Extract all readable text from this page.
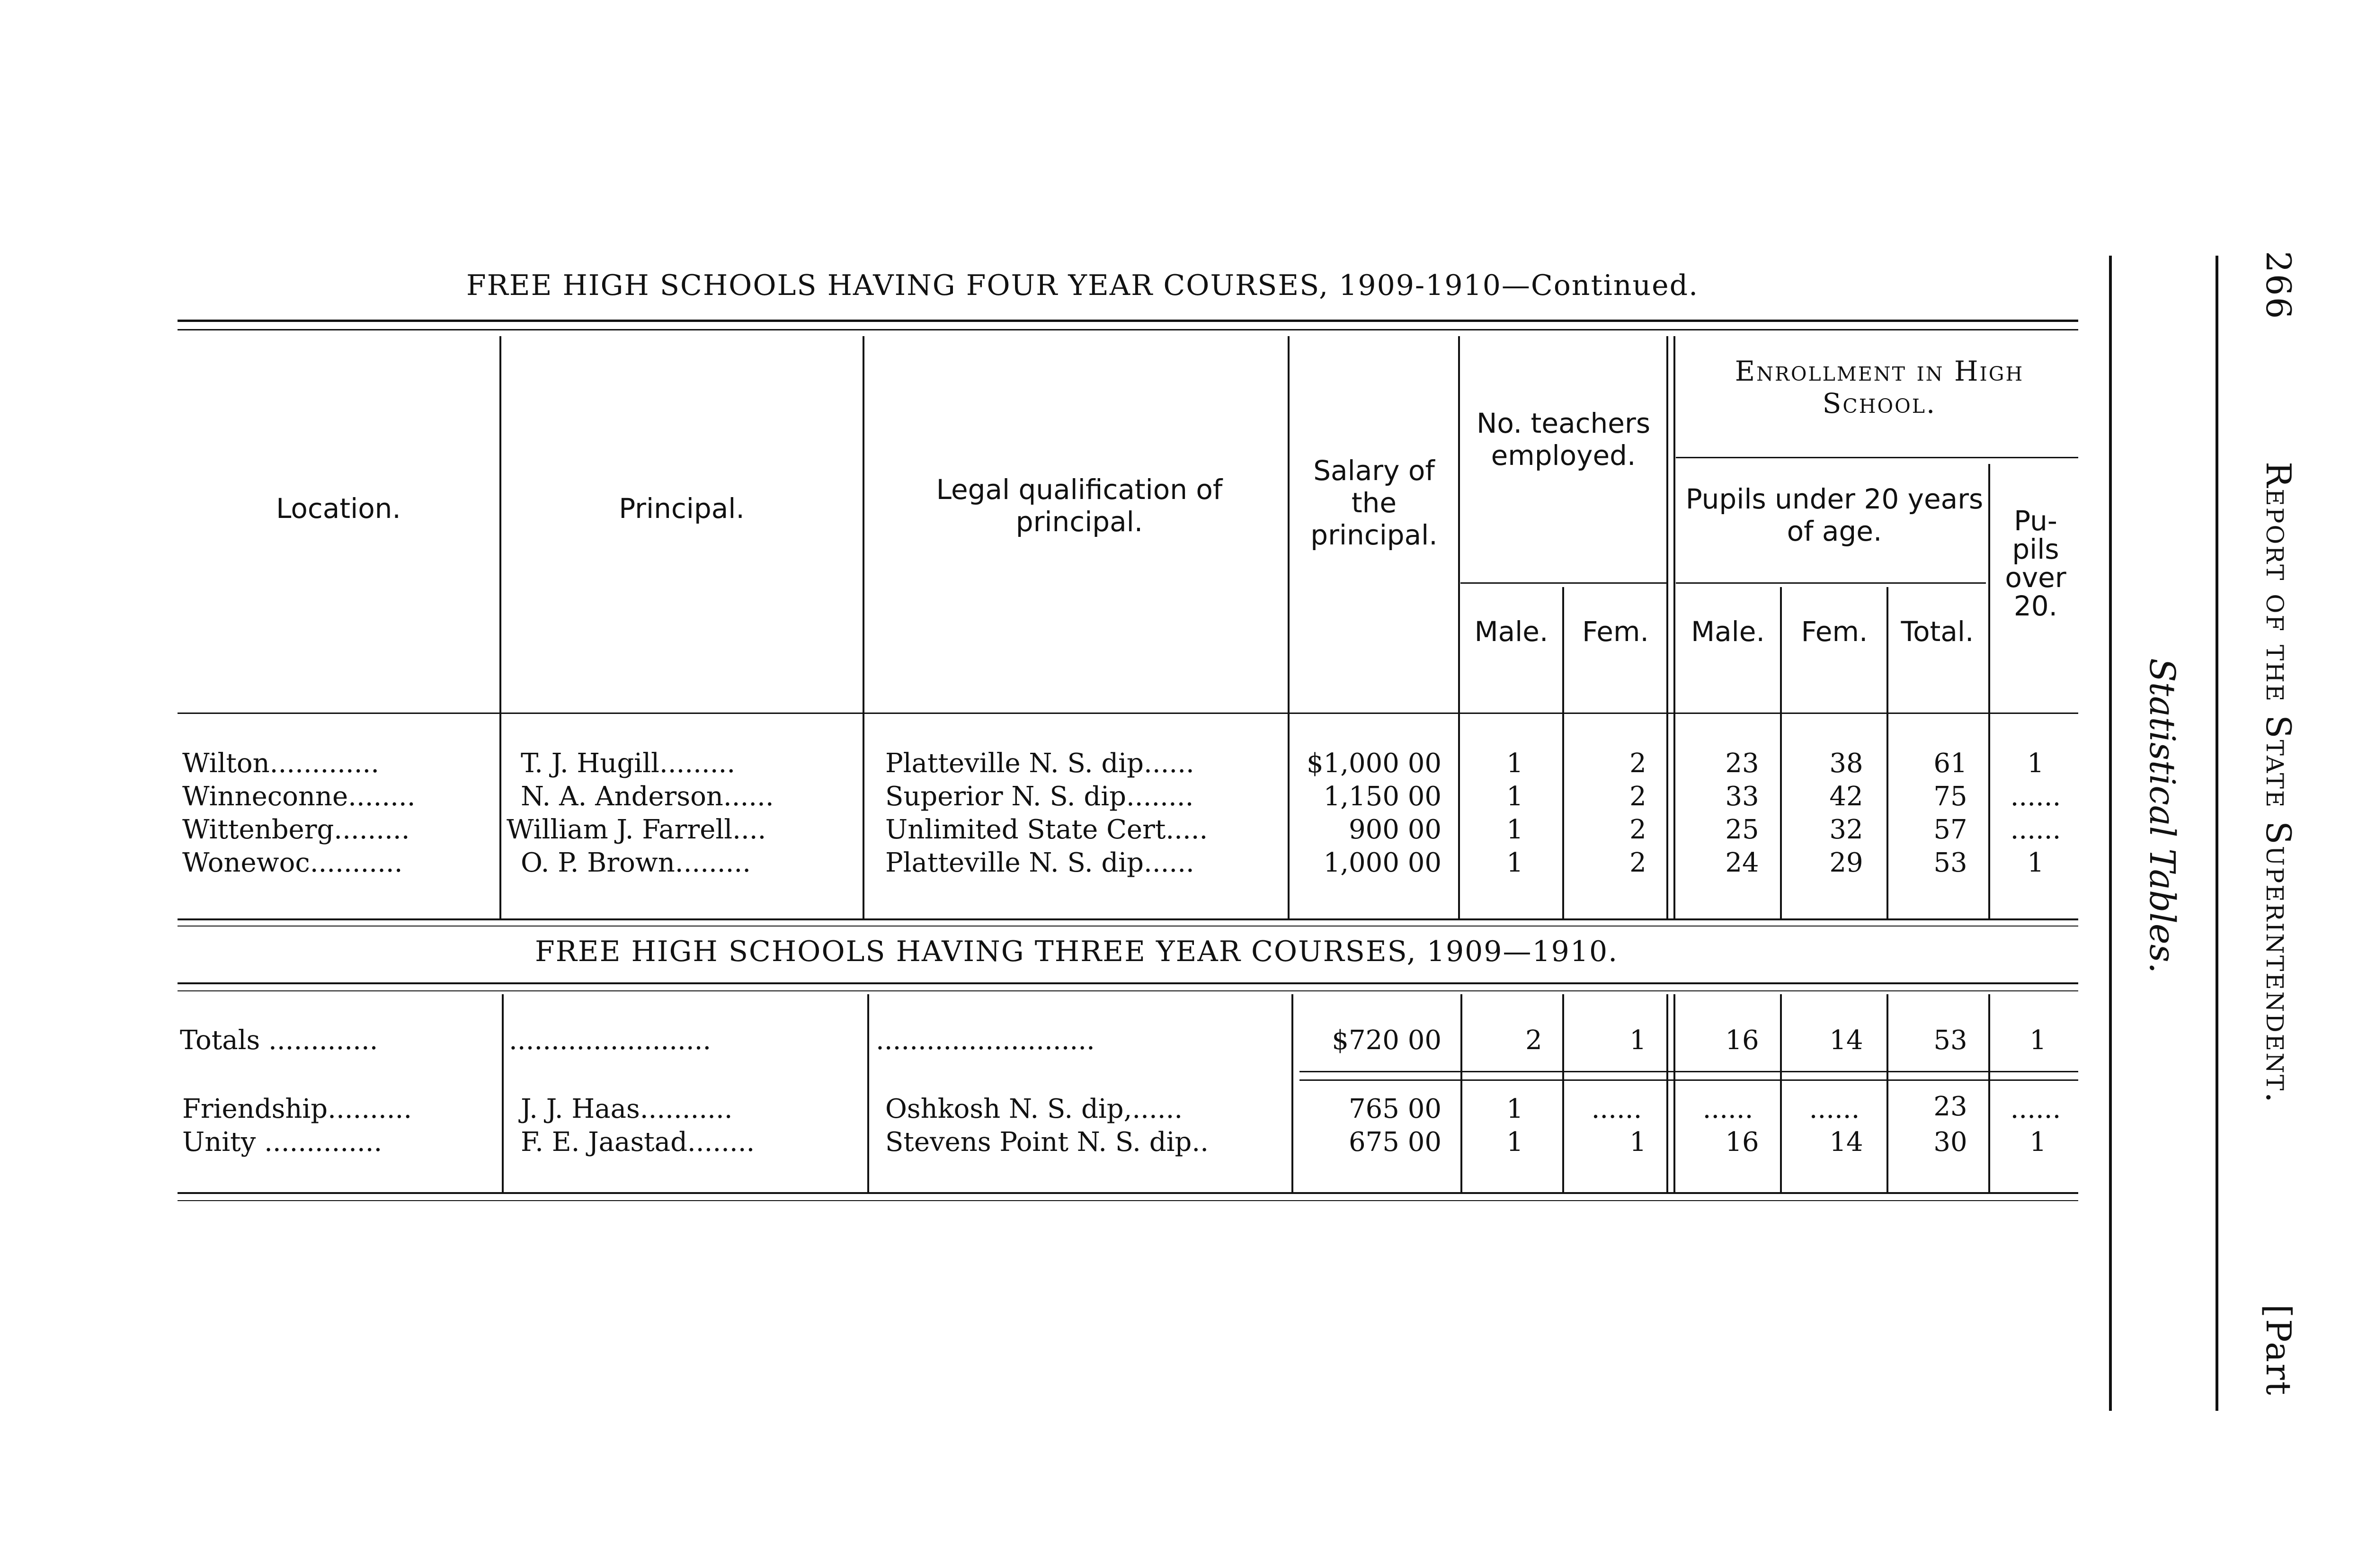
FREE HIGH SCHOOLS HAVING FOUR YEAR COURSES, 1909-1910—Continued.
Location.	Principal.
Legal qualification of principal.
Salary of the principal.
No. teachers employed.
Male.	Fem.
Enrollment in High School.
Pupils under 20 years of age.
Male.	Fem.	Total.
Pu- pils over 20.
Wilton.............	T. J. Hugill.........	Platteville N. S. dip......	$1,000 00	1	2	23	38	61	1
Winneconne........	N. A. Anderson......	Superior N. S. dip........	1,150 00	1	2	33	42	75	......
Wittenberg.........	William J. Farrell....	Unlimited State Cert.....	900 00	1	2	25	32	57	......
Wonewoc...........	O. P. Brown.........	Platteville N. S. dip......	1,000 00	1	2	24	29	53	1
FREE HIGH SCHOOLS HAVING THREE YEAR COURSES, 1909—1910.
Totals .............	........................	..........................	$720 00	2	1	16	14	53	1
Friendship..........	J. J. Haas...........	Oshkosh N. S. dip,......	765 00	1	......	......	......	23	......
Unity ..............	F. E. Jaastad........	Stevens Point N. S. dip..	675 00	1	1	16	14	30	1
Statistical Tables.
266
Report of the State Superintendent.
[Part
